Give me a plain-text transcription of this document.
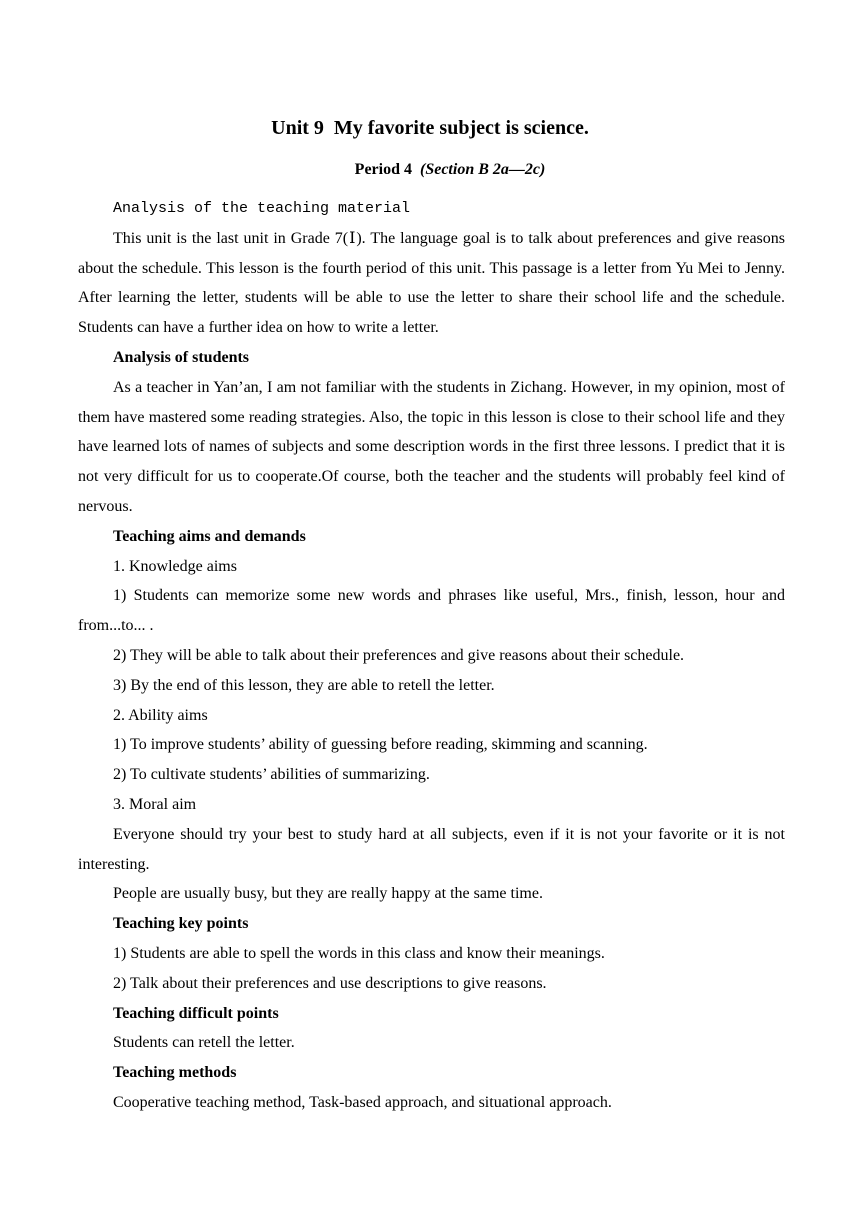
Unit 9  My favorite subject is science.
Period 4  (Section B 2a—2c)

Analysis of the teaching material

This unit is the last unit in Grade 7(Ⅰ). The language goal is to talk about preferences and give reasons about the schedule. This lesson is the fourth period of this unit. This passage is a letter from Yu Mei to Jenny. After learning the letter, students will be able to use the letter to share their school life and the schedule. Students can have a further idea on how to write a letter.

Analysis of students

As a teacher in Yan’an, I am not familiar with the students in Zichang. However, in my opinion, most of them have mastered some reading strategies. Also, the topic in this lesson is close to their school life and they have learned lots of names of subjects and some description words in the first three lessons. I predict that it is not very difficult for us to cooperate.Of course, both the teacher and the students will probably feel kind of nervous.

Teaching aims and demands

1. Knowledge aims

1) Students can memorize some new words and phrases like useful, Mrs., finish, lesson, hour and from...to... .

2) They will be able to talk about their preferences and give reasons about their schedule.

3) By the end of this lesson, they are able to retell the letter.

2. Ability aims

1) To improve students’ ability of guessing before reading, skimming and scanning.

2) To cultivate students’ abilities of summarizing.

3. Moral aim

Everyone should try your best to study hard at all subjects, even if it is not your favorite or it is not interesting.

People are usually busy, but they are really happy at the same time.

Teaching key points

1) Students are able to spell the words in this class and know their meanings.

2) Talk about their preferences and use descriptions to give reasons.

Teaching difficult points

Students can retell the letter.

Teaching methods

Cooperative teaching method, Task-based approach, and situational approach.
